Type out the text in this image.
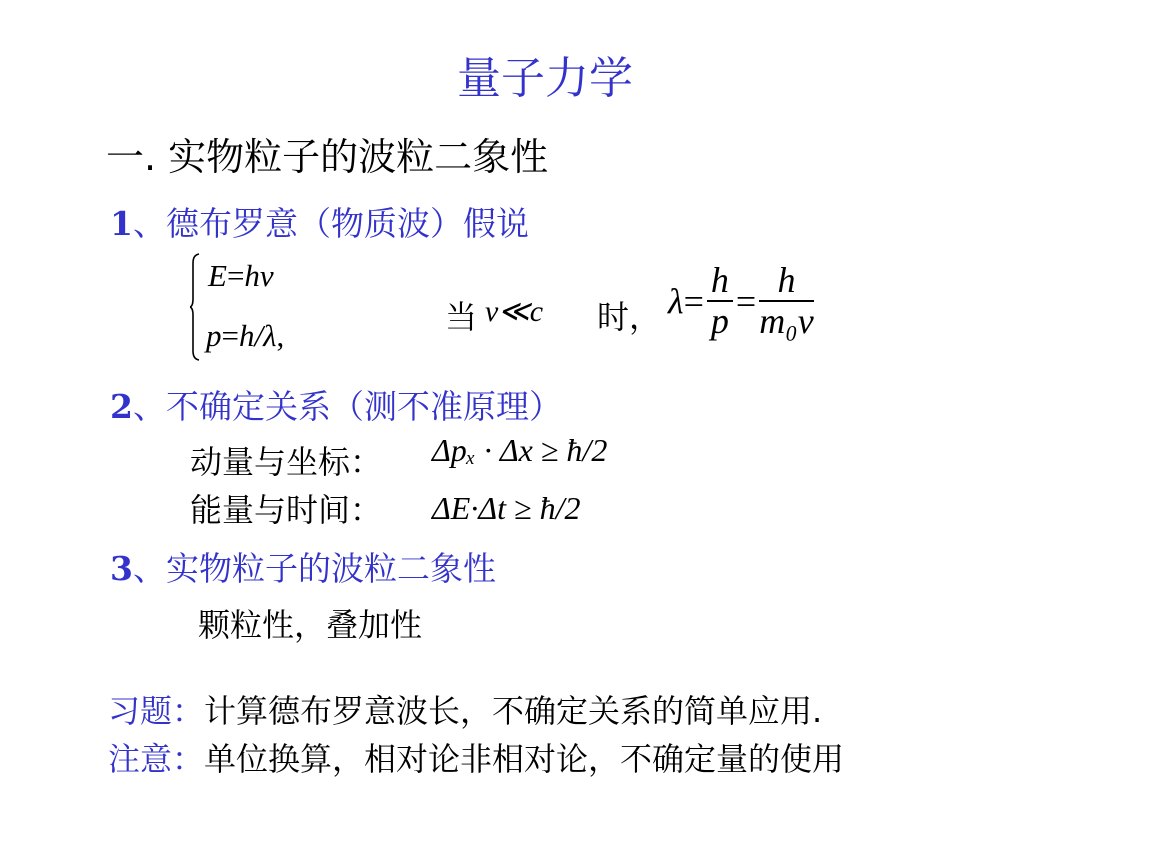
量子力学
一. 实物粒子的波粒二象性
1、德布罗意（物质波）假说
E=hν
p=h/λ,	当 v≪c 时， $\lambda= \frac{h}{p} = \frac{h}{\text{m₀v}}$
2、不确定关系（测不准原理）
动量与坐标： Δpₓ · Δx ≥ ħ/2
能量与时间： ΔE·Δt ≥ ħ/2
3、实物粒子的波粒二象性
颗粒性，叠加性
习题：计算德布罗意波长，不确定关系的简单应用.
注意：单位换算，相对论非相对论，不确定量的使用
